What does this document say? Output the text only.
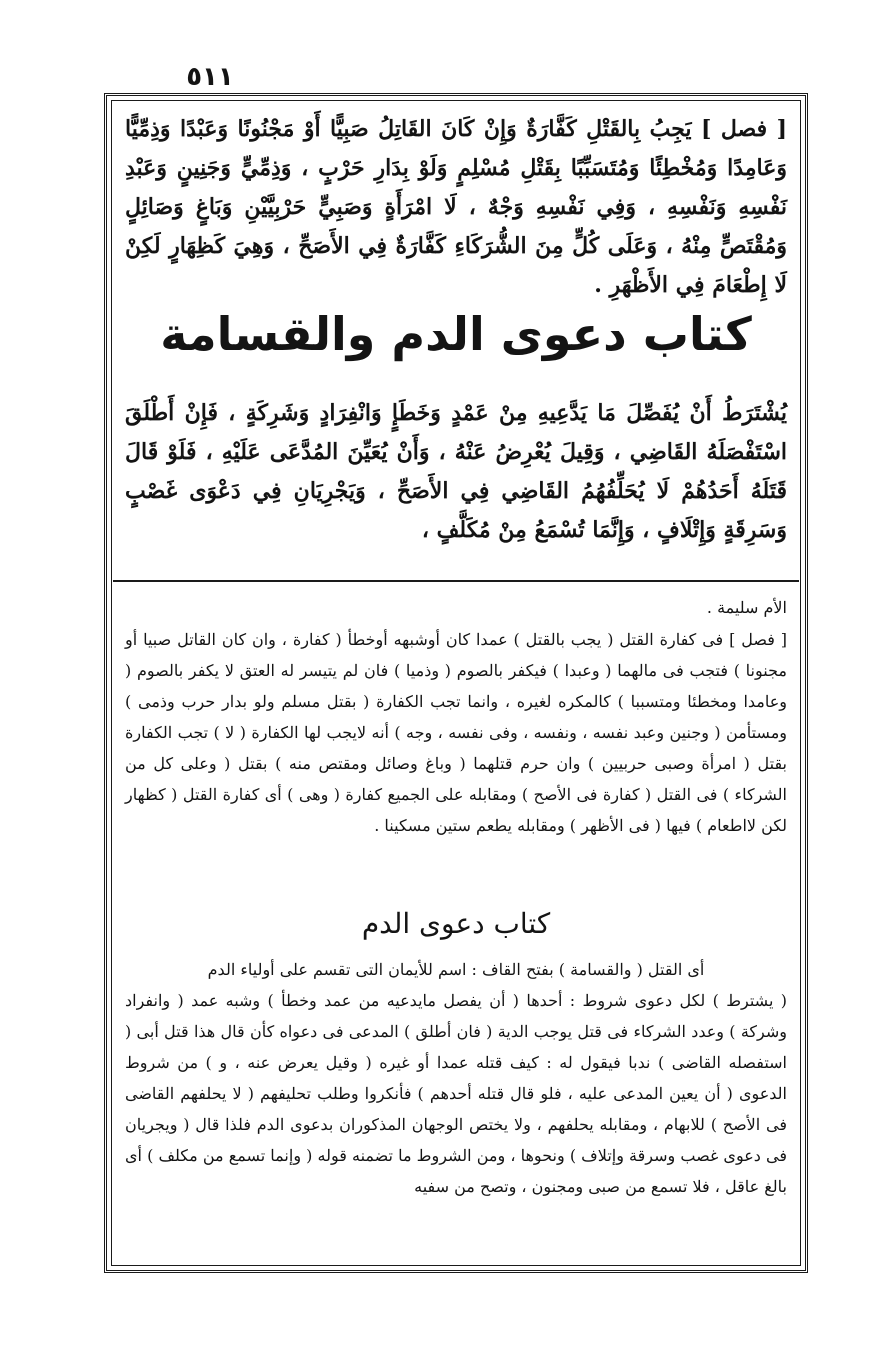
٥١١

[ فصل ] يَجِبُ بِالقَتْلِ كَفَّارَةٌ وَإِنْ كَانَ القَاتِلُ صَبِيًّا أَوْ مَجْنُونًا وَعَبْدًا وَذِمِّيًّا وَعَامِدًا وَمُخْطِئًا وَمُتَسَبِّبًا بِقَتْلِ مُسْلِمٍ وَلَوْ بِدَارِ حَرْبٍ ، وَذِمِّيٍّ وَجَنِينٍ وَعَبْدِ نَفْسِهِ وَنَفْسِهِ ، وَفِي نَفْسِهِ وَجْهٌ ، لَا امْرَأَةٍ وَصَبِيٍّ حَرْبِيَّيْنِ وَبَاغٍ وَصَائِلٍ وَمُقْتَصٍّ مِنْهُ ، وَعَلَى كُلٍّ مِنَ الشُّرَكَاءِ كَفَّارَةٌ فِي الأَصَحِّ ، وَهِيَ كَظِهَارٍ لَكِنْ لَا إِطْعَامَ فِي الأَظْهَرِ .

كتاب دعوى الدم والقسامة

يُشْتَرَطُ أَنْ يُفَصِّلَ مَا يَدَّعِيهِ مِنْ عَمْدٍ وَخَطَإٍ وَانْفِرَادٍ وَشَرِكَةٍ ، فَإِنْ أَطْلَقَ اسْتَفْصَلَهُ القَاضِي ، وَقِيلَ يُعْرِضُ عَنْهُ ، وَأَنْ يُعَيِّنَ المُدَّعَى عَلَيْهِ ، فَلَوْ قَالَ قَتَلَهُ أَحَدُهُمْ لَا يُحَلِّفُهُمُ القَاضِي فِي الأَصَحِّ ، وَيَجْرِيَانِ فِي دَعْوَى غَصْبٍ وَسَرِقَةٍ وَإِتْلَافٍ ، وَإِنَّمَا تُسْمَعُ مِنْ مُكَلَّفٍ ،

الأم سليمة .

[ فصل ] فى كفارة القتل ( يجب بالقتل ) عمدا كان أوشبهه أوخطأ ( كفارة ، وان كان القاتل صبيا أو مجنونا ) فتجب فى مالهما ( وعبدا ) فيكفر بالصوم ( وذميا ) فان لم يتيسر له العتق لا يكفر بالصوم ( وعامدا ومخطئا ومتسببا ) كالمكره لغيره ، وانما تجب الكفارة ( بقتل مسلم ولو بدار حرب وذمى ) ومستأمن ( وجنين وعبد نفسه ، ونفسه ، وفى نفسه ، وجه ) أنه لايجب لها الكفارة ( لا ) تجب الكفارة بقتل ( امرأة وصبى حربيين ) وان حرم قتلهما ( وباغ وصائل ومقتص منه ) بقتل ( وعلى كل من الشركاء ) فى القتل ( كفارة فى الأصح ) ومقابله على الجميع كفارة ( وهى ) أى كفارة القتل ( كظهار لكن لااطعام ) فيها ( فى الأظهر ) ومقابله يطعم ستين مسكينا .

كتاب دعوى الدم

أى القتل ( والقسامة ) بفتح القاف : اسم للأيمان التى تقسم على أولياء الدم

( يشترط ) لكل دعوى شروط : أحدها ( أن يفصل مايدعيه من عمد وخطأ ) وشبه عمد ( وانفراد وشركة ) وعدد الشركاء فى قتل يوجب الدية ( فان أطلق ) المدعى فى دعواه كأن قال هذا قتل أبى ( استفصله القاضى ) ندبا فيقول له : كيف قتله عمدا أو غيره ( وقيل يعرض عنه ، و ) من شروط الدعوى ( أن يعين المدعى عليه ، فلو قال قتله أحدهم ) فأنكروا وطلب تحليفهم ( لا يحلفهم القاضى فى الأصح ) للابهام ، ومقابله يحلفهم ، ولا يختص الوجهان المذكوران بدعوى الدم فلذا قال ( ويجريان فى دعوى غصب وسرقة وإتلاف ) ونحوها ، ومن الشروط ما تضمنه قوله ( وإنما تسمع من مكلف ) أى بالغ عاقل ، فلا تسمع من صبى ومجنون ، وتصح من سفيه
